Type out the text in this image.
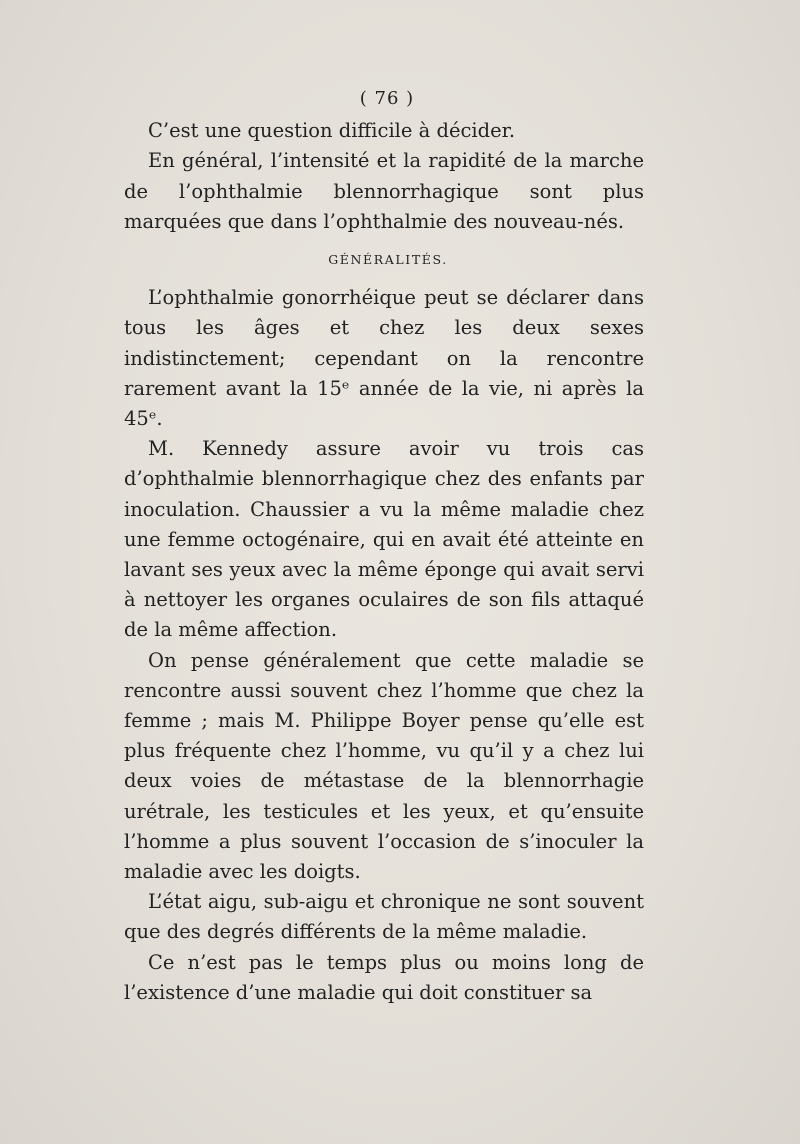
( 76 )

C’est une question difficile à décider.

En général, l’intensité et la rapidité de la marche de l’ophthalmie blennorrhagique sont plus marquées que dans l’ophthalmie des nouveau-nés.

GÉNÉRALITÉS.

L’ophthalmie gonorrhéique peut se déclarer dans tous les âges et chez les deux sexes indistinctement; cependant on la rencontre rarement avant la 15ᵉ année de la vie, ni après la 45ᵉ.

M. Kennedy assure avoir vu trois cas d’ophthalmie blennorrhagique chez des enfants par inoculation. Chaussier a vu la même maladie chez une femme octogénaire, qui en avait été atteinte en lavant ses yeux avec la même éponge qui avait servi à nettoyer les organes oculaires de son fils attaqué de la même affection.

On pense généralement que cette maladie se rencontre aussi souvent chez l’homme que chez la femme ; mais M. Philippe Boyer pense qu’elle est plus fréquente chez l’homme, vu qu’il y a chez lui deux voies de métastase de la blennorrhagie urétrale, les testicules et les yeux, et qu’ensuite l’homme a plus souvent l’occasion de s’inoculer la maladie avec les doigts.

L’état aigu, sub-aigu et chronique ne sont souvent que des degrés différents de la même maladie.

Ce n’est pas le temps plus ou moins long de l’existence d’une maladie qui doit constituer sa
